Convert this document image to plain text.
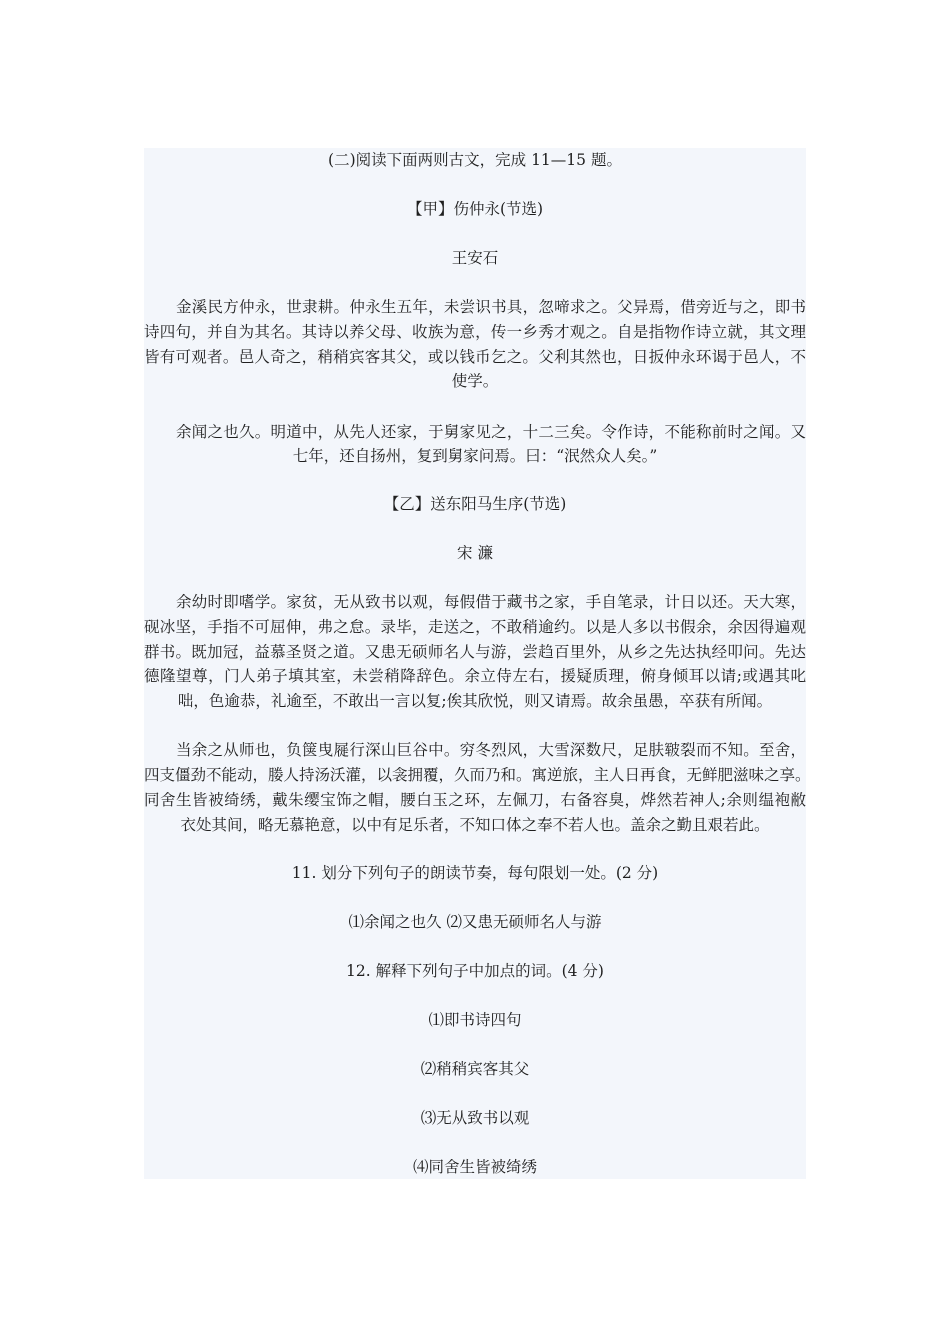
(二)阅读下面两则古文，完成 11—15 题。
【甲】伤仲永(节选)
王安石
金溪民方仲永，世隶耕。仲永生五年，未尝识书具，忽啼求之。父异焉，借旁近与之，即书
诗四句，并自为其名。其诗以养父母、收族为意，传一乡秀才观之。自是指物作诗立就，其文理
皆有可观者。邑人奇之，稍稍宾客其父，或以钱币乞之。父利其然也，日扳仲永环谒于邑人，不
使学。
余闻之也久。明道中，从先人还家，于舅家见之，十二三矣。令作诗，不能称前时之闻。又
七年，还自扬州，复到舅家问焉。曰：“泯然众人矣。”
【乙】送东阳马生序(节选)
宋 濂
余幼时即嗜学。家贫，无从致书以观，每假借于藏书之家，手自笔录，计日以还。天大寒，
砚冰坚，手指不可屈伸，弗之怠。录毕，走送之，不敢稍逾约。以是人多以书假余，余因得遍观
群书。既加冠，益慕圣贤之道。又患无硕师名人与游，尝趋百里外，从乡之先达执经叩问。先达
德隆望尊，门人弟子填其室，未尝稍降辞色。余立侍左右，援疑质理，俯身倾耳以请;或遇其叱
咄，色逾恭，礼逾至，不敢出一言以复;俟其欣悦，则又请焉。故余虽愚，卒获有所闻。
当余之从师也，负箧曳屣行深山巨谷中。穷冬烈风，大雪深数尺，足肤皲裂而不知。至舍，
四支僵劲不能动，媵人持汤沃灌，以衾拥覆，久而乃和。寓逆旅，主人日再食，无鲜肥滋味之享。
同舍生皆被绮绣，戴朱缨宝饰之帽，腰白玉之环，左佩刀，右备容臭，烨然若神人;余则缊袍敝
衣处其间，略无慕艳意，以中有足乐者，不知口体之奉不若人也。盖余之勤且艰若此。
11. 划分下列句子的朗读节奏，每句限划一处。(2 分)
⑴余闻之也久 ⑵又患无硕师名人与游
12. 解释下列句子中加点的词。(4 分)
⑴即书诗四句
⑵稍稍宾客其父
⑶无从致书以观
⑷同舍生皆被绮绣
